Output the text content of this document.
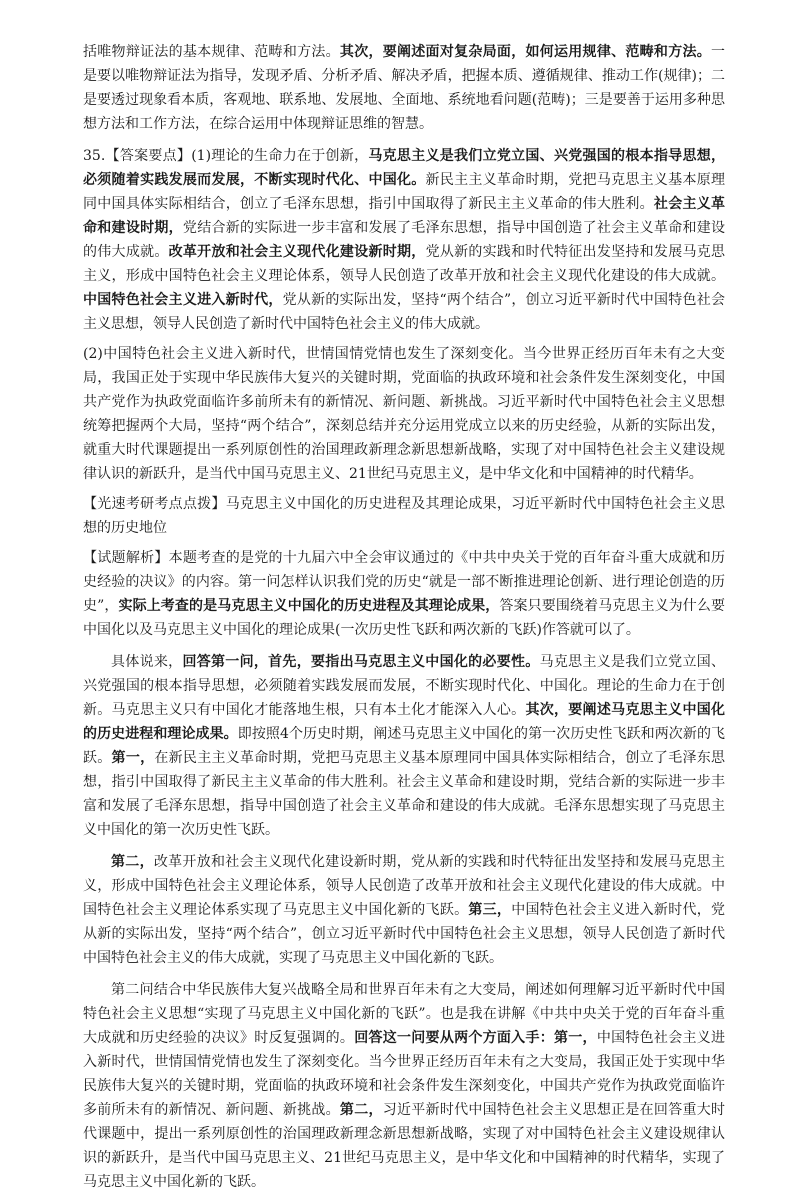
括唯物辩证法的基本规律、范畴和方法。其次，要阐述面对复杂局面，如何运用规律、范畴和方法。一是要以唯物辩证法为指导，发现矛盾、分析矛盾、解决矛盾，把握本质、遵循规律、推动工作(规律)；二是要透过现象看本质，客观地、联系地、发展地、全面地、系统地看问题(范畴)；三是要善于运用多种思想方法和工作方法，在综合运用中体现辩证思维的智慧。

35.【答案要点】(1)理论的生命力在于创新，马克思主义是我们立党立国、兴党强国的根本指导思想，必须随着实践发展而发展，不断实现时代化、中国化。新民主主义革命时期，党把马克思主义基本原理同中国具体实际相结合，创立了毛泽东思想，指引中国取得了新民主主义革命的伟大胜利。社会主义革命和建设时期，党结合新的实际进一步丰富和发展了毛泽东思想，指导中国创造了社会主义革命和建设的伟大成就。改革开放和社会主义现代化建设新时期，党从新的实践和时代特征出发坚持和发展马克思主义，形成中国特色社会主义理论体系，领导人民创造了改革开放和社会主义现代化建设的伟大成就。中国特色社会主义进入新时代，党从新的实际出发，坚持“两个结合”，创立习近平新时代中国特色社会主义思想，领导人民创造了新时代中国特色社会主义的伟大成就。

(2)中国特色社会主义进入新时代，世情国情党情也发生了深刻变化。当今世界正经历百年未有之大变局，我国正处于实现中华民族伟大复兴的关键时期，党面临的执政环境和社会条件发生深刻变化，中国共产党作为执政党面临许多前所未有的新情况、新问题、新挑战。习近平新时代中国特色社会主义思想统筹把握两个大局，坚持“两个结合”，深刻总结并充分运用党成立以来的历史经验，从新的实际出发，就重大时代课题提出一系列原创性的治国理政新理念新思想新战略，实现了对中国特色社会主义建设规律认识的新跃升，是当代中国马克思主义、21世纪马克思主义，是中华文化和中国精神的时代精华。

【光速考研考点点拨】马克思主义中国化的历史进程及其理论成果，习近平新时代中国特色社会主义思想的历史地位

【试题解析】本题考查的是党的十九届六中全会审议通过的《中共中央关于党的百年奋斗重大成就和历史经验的决议》的内容。第一问怎样认识我们党的历史“就是一部不断推进理论创新、进行理论创造的历史”，实际上考查的是马克思主义中国化的历史进程及其理论成果，答案只要围绕着马克思主义为什么要中国化以及马克思主义中国化的理论成果(一次历史性飞跃和两次新的飞跃)作答就可以了。

具体说来，回答第一问，首先，要指出马克思主义中国化的必要性。马克思主义是我们立党立国、兴党强国的根本指导思想，必须随着实践发展而发展，不断实现时代化、中国化。理论的生命力在于创新。马克思主义只有中国化才能落地生根，只有本土化才能深入人心。其次，要阐述马克思主义中国化的历史进程和理论成果。即按照4个历史时期，阐述马克思主义中国化的第一次历史性飞跃和两次新的飞跃。第一，在新民主主义革命时期，党把马克思主义基本原理同中国具体实际相结合，创立了毛泽东思想，指引中国取得了新民主主义革命的伟大胜利。社会主义革命和建设时期，党结合新的实际进一步丰富和发展了毛泽东思想，指导中国创造了社会主义革命和建设的伟大成就。毛泽东思想实现了马克思主义中国化的第一次历史性飞跃。

第二，改革开放和社会主义现代化建设新时期，党从新的实践和时代特征出发坚持和发展马克思主义，形成中国特色社会主义理论体系，领导人民创造了改革开放和社会主义现代化建设的伟大成就。中国特色社会主义理论体系实现了马克思主义中国化新的飞跃。第三，中国特色社会主义进入新时代，党从新的实际出发，坚持“两个结合”，创立习近平新时代中国特色社会主义思想，领导人民创造了新时代中国特色社会主义的伟大成就，实现了马克思主义中国化新的飞跃。

第二问结合中华民族伟大复兴战略全局和世界百年未有之大变局，阐述如何理解习近平新时代中国特色社会主义思想“实现了马克思主义中国化新的飞跃”。也是我在讲解《中共中央关于党的百年奋斗重大成就和历史经验的决议》时反复强调的。回答这一问要从两个方面入手：第一，中国特色社会主义进入新时代，世情国情党情也发生了深刻变化。当今世界正经历百年未有之大变局，我国正处于实现中华民族伟大复兴的关键时期，党面临的执政环境和社会条件发生深刻变化，中国共产党作为执政党面临许多前所未有的新情况、新问题、新挑战。第二，习近平新时代中国特色社会主义思想正是在回答重大时代课题中，提出一系列原创性的治国理政新理念新思想新战略，实现了对中国特色社会主义建设规律认识的新跃升，是当代中国马克思主义、21世纪马克思主义，是中华文化和中国精神的时代精华，实现了马克思主义中国化新的飞跃。
